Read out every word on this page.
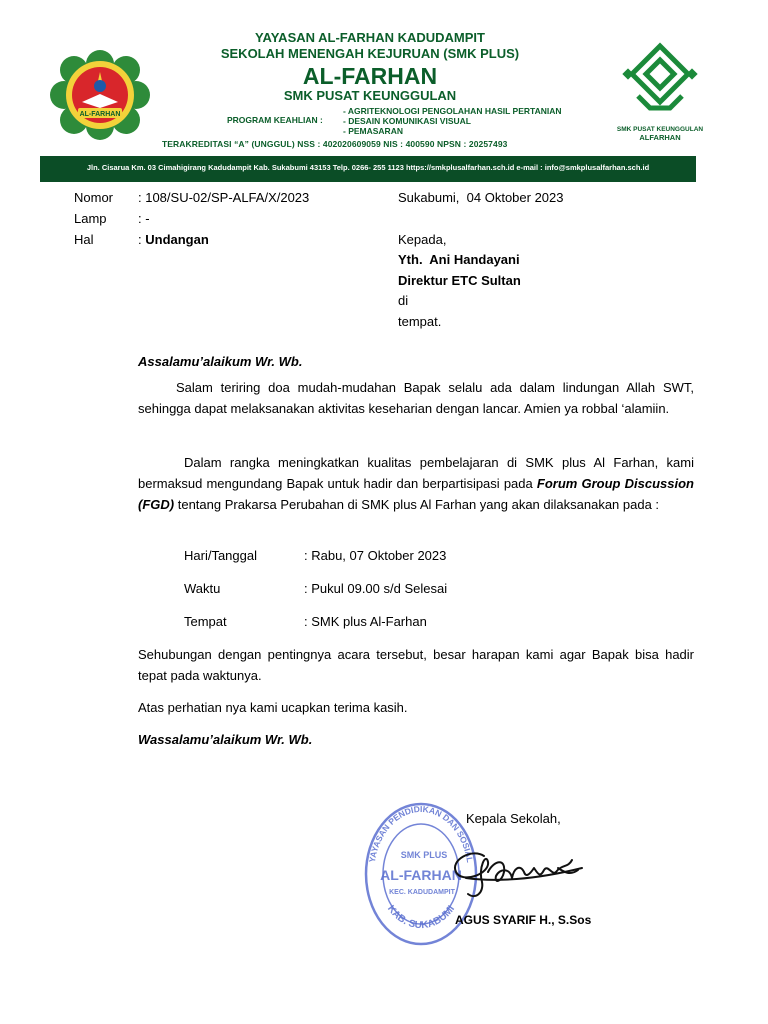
AL-FARHAN
YAYASAN AL-FARHAN KADUDAMPIT
SEKOLAH MENENGAH KEJURUAN (SMK PLUS)
AL-FARHAN
SMK PUSAT KEUNGGULAN
PROGRAM KEAHLIAN :
- AGRITEKNOLOGI PENGOLAHAN HASIL PERTANIAN
- DESAIN KOMUNIKASI VISUAL
- PEMASARAN
TERAKREDITASI “A” (UNGGUL) NSS : 402020609059 NIS : 400590 NPSN : 20257493
SMK PUSAT KEUNGGULAN
ALFARHAN
Jln. Cisarua Km. 03 Cimahigirang Kadudampit Kab. Sukabumi 43153 Telp. 0266- 255 1123 https://smkplusalfarhan.sch.id e-mail : info@smkplusalfarhan.sch.id
Nomor : 108/SU-02/SP-ALFA/X/2023
Lamp : -
Hal	: Undangan
Sukabumi,  04 Oktober 2023
Kepada,
Yth.  Ani Handayani
Direktur ETC Sultan
di
tempat.
Assalamu’alaikum Wr. Wb.
Salam teriring doa mudah-mudahan Bapak selalu ada dalam lindungan Allah SWT, sehingga dapat melaksanakan aktivitas keseharian dengan lancar. Amien ya robbal ‘alamiin.
Dalam rangka meningkatkan kualitas pembelajaran di SMK plus Al Farhan, kami bermaksud mengundang Bapak untuk hadir dan berpartisipasi pada Forum Group Discussion (FGD) tentang Prakarsa Perubahan di SMK plus Al Farhan yang akan dilaksanakan pada :
Hari/Tanggal	: Rabu, 07 Oktober 2023
Waktu	: Pukul 09.00 s/d Selesai
Tempat	: SMK plus Al-Farhan
Sehubungan dengan pentingnya acara tersebut, besar harapan kami agar Bapak bisa hadir tepat pada waktunya.
Atas perhatian nya kami ucapkan terima kasih.
Wassalamu’alaikum Wr. Wb.
Kepala Sekolah,
YAYASAN PENDIDIKAN DAN SOSIAL
KAB. SUKABUMI
SMK PLUS
AL-FARHAN
KEC. KADUDAMPIT
AGUS SYARIF H., S.Sos
